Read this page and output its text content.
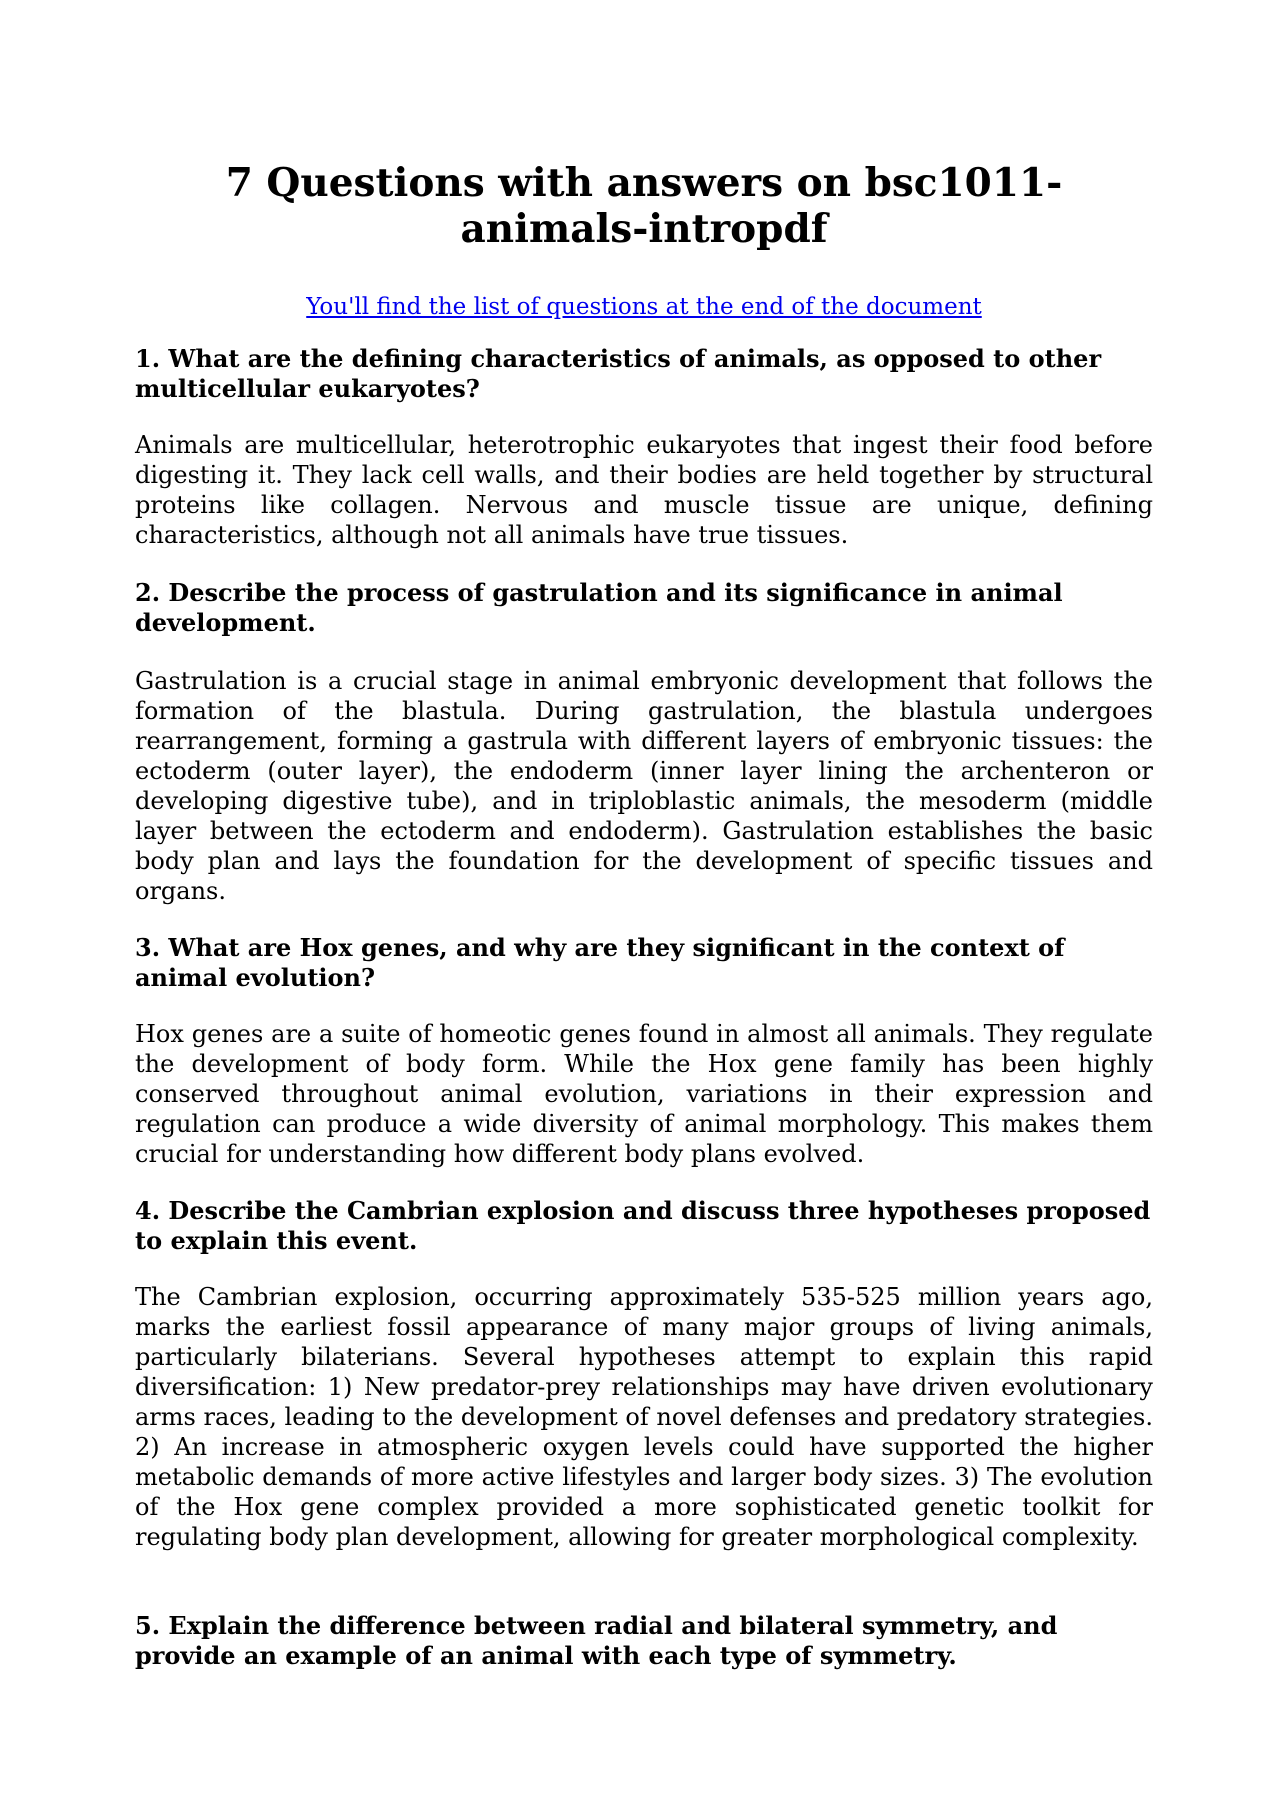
7 Questions with answers on bsc1011-animals-intropdf
You'll find the list of questions at the end of the document

1. What are the defining characteristics of animals, as opposed to other multicellular eukaryotes?

Animals are multicellular, heterotrophic eukaryotes that ingest their food before digesting it. They lack cell walls, and their bodies are held together by structural proteins like collagen. Nervous and muscle tissue are unique, defining characteristics, although not all animals have true tissues.

2. Describe the process of gastrulation and its significance in animal development.

Gastrulation is a crucial stage in animal embryonic development that follows the formation of the blastula. During gastrulation, the blastula undergoes rearrangement, forming a gastrula with different layers of embryonic tissues: the ectoderm (outer layer), the endoderm (inner layer lining the archenteron or developing digestive tube), and in triploblastic animals, the mesoderm (middle layer between the ectoderm and endoderm). Gastrulation establishes the basic body plan and lays the foundation for the development of specific tissues and organs.

3. What are Hox genes, and why are they significant in the context of animal evolution?

Hox genes are a suite of homeotic genes found in almost all animals. They regulate the development of body form. While the Hox gene family has been highly conserved throughout animal evolution, variations in their expression and regulation can produce a wide diversity of animal morphology. This makes them crucial for understanding how different body plans evolved.

4. Describe the Cambrian explosion and discuss three hypotheses proposed to explain this event.

The Cambrian explosion, occurring approximately 535-525 million years ago, marks the earliest fossil appearance of many major groups of living animals, particularly bilaterians. Several hypotheses attempt to explain this rapid diversification: 1) New predator-prey relationships may have driven evolutionary arms races, leading to the development of novel defenses and predatory strategies. 2) An increase in atmospheric oxygen levels could have supported the higher metabolic demands of more active lifestyles and larger body sizes. 3) The evolution of the Hox gene complex provided a more sophisticated genetic toolkit for regulating body plan development, allowing for greater morphological complexity.

5. Explain the difference between radial and bilateral symmetry, and provide an example of an animal with each type of symmetry.
